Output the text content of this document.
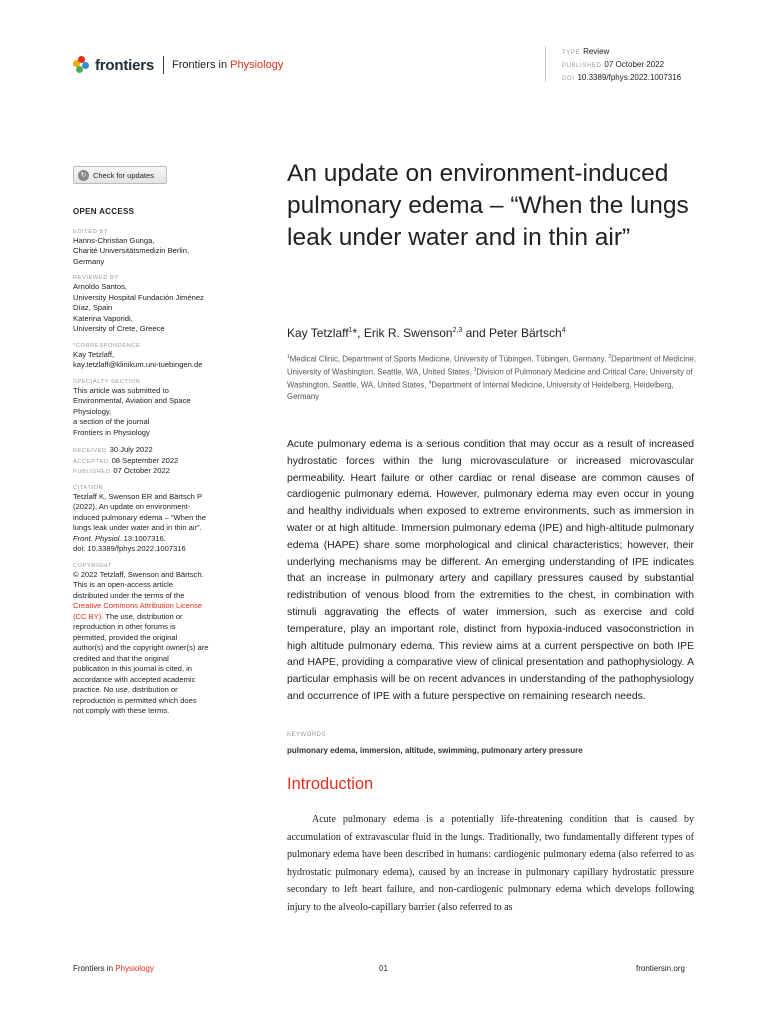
frontiers Frontiers in Physiology
TYPE Review
PUBLISHED 07 October 2022
DOI 10.3389/fphys.2022.1007316
↻ Check for updates
OPEN ACCESS
EDITED BY
Hanns-Christian Gunga,
Charité Universitätsmedizin Berlin,
Germany
REVIEWED BY
Arnoldo Santos,
University Hospital Fundación Jiménez
Díaz, Spain
Katerina Vaporidi,
University of Crete, Greece
*CORRESPONDENCE
Kay Tetzlaff,
kay.tetzlaff@klinikum.uni-tuebingen.de
SPECIALTY SECTION
This article was submitted to
Environmental, Aviation and Space
Physiology,
a section of the journal
Frontiers in Physiology
RECEIVED 30 July 2022
ACCEPTED 08 September 2022
PUBLISHED 07 October 2022
CITATION
Tetzlaff K, Swenson ER and Bärtsch P
(2022), An update on environment-
induced pulmonary edema – “When the
lungs leak under water and in thin air”.
Front. Physiol. 13:1007316.
doi: 10.3389/fphys.2022.1007316
COPYRIGHT
© 2022 Tetzlaff, Swenson and Bärtsch.
This is an open-access article
distributed under the terms of the
Creative Commons Attribution License
(CC BY). The use, distribution or
reproduction in other forums is
permitted, provided the original
author(s) and the copyright owner(s) are
credited and that the original
publication in this journal is cited, in
accordance with accepted academic
practice. No use, distribution or
reproduction is permitted which does
not comply with these terms.
An update on environment-induced pulmonary edema – “When the lungs leak under water and in thin air”
Kay Tetzlaff$^1$*, Erik R. Swenson$^{2,3}$ and Peter Bärtsch$^4$
$^1$Medical Clinic, Department of Sports Medicine, University of Tübingen, Tübingen, Germany, $^2$Department of Medicine, University of Washington, Seattle, WA, United States, $^3$Division of Pulmonary Medicine and Critical Care, University of Washington, Seattle, WA, United States, $^4$Department of Internal Medicine, University of Heidelberg, Heidelberg, Germany
Acute pulmonary edema is a serious condition that may occur as a result of increased hydrostatic forces within the lung microvasculature or increased microvascular permeability. Heart failure or other cardiac or renal disease are common causes of cardiogenic pulmonary edema. However, pulmonary edema may even occur in young and healthy individuals when exposed to extreme environments, such as immersion in water or at high altitude. Immersion pulmonary edema (IPE) and high-altitude pulmonary edema (HAPE) share some morphological and clinical characteristics; however, their underlying mechanisms may be different. An emerging understanding of IPE indicates that an increase in pulmonary artery and capillary pressures caused by substantial redistribution of venous blood from the extremities to the chest, in combination with stimuli aggravating the effects of water immersion, such as exercise and cold temperature, play an important role, distinct from hypoxia-induced vasoconstriction in high altitude pulmonary edema. This review aims at a current perspective on both IPE and HAPE, providing a comparative view of clinical presentation and pathophysiology. A particular emphasis will be on recent advances in understanding of the pathophysiology and occurrence of IPE with a future perspective on remaining research needs.
KEYWORDS
pulmonary edema, immersion, altitude, swimming, pulmonary artery pressure
Introduction
Acute pulmonary edema is a potentially life-threatening condition that is caused by accumulation of extravascular fluid in the lungs. Traditionally, two fundamentally different types of pulmonary edema have been described in humans: cardiogenic pulmonary edema (also referred to as hydrostatic pulmonary edema), caused by an increase in pulmonary capillary hydrostatic pressure secondary to left heart failure, and non-cardiogenic pulmonary edema which develops following injury to the alveolo-capillary barrier (also referred to as
Frontiers in Physiology	01	frontiersin.org
